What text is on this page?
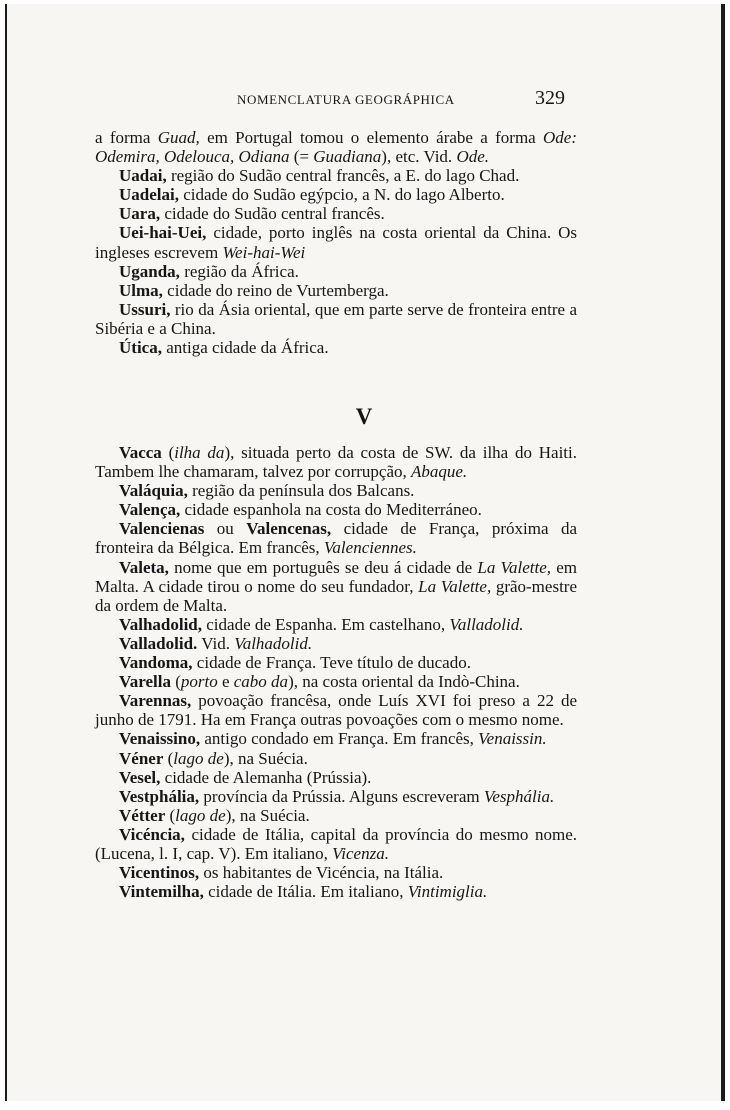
NOMENCLATURA GEOGRÁPHICA	329

a forma Guad, em Portugal tomou o elemento árabe a forma Ode: Odemira, Odelouca, Odiana (= Guadiana), etc. Vid. Ode.

Uadai, região do Sudão central francês, a E. do lago Chad.

Uadelai, cidade do Sudão egýpcio, a N. do lago Alberto.

Uara, cidade do Sudão central francês.

Uei-hai-Uei, cidade, porto inglês na costa oriental da China. Os ingleses escrevem Wei-hai-Wei

Uganda, região da África.

Ulma, cidade do reino de Vurtemberga.

Ussuri, rio da Ásia oriental, que em parte serve de fronteira entre a Sibéria e a China.

Útica, antiga cidade da África.

V

Vacca (ilha da), situada perto da costa de SW. da ilha do Haiti. Tambem lhe chamaram, talvez por corrupção, Abaque.

Valáquia, região da península dos Balcans.

Valença, cidade espanhola na costa do Mediterráneo.

Valencienas ou Valencenas, cidade de França, próxima da fronteira da Bélgica. Em francês, Valenciennes.

Valeta, nome que em português se deu á cidade de La Valette, em Malta. A cidade tirou o nome do seu fundador, La Valette, grão-mestre da ordem de Malta.

Valhadolid, cidade de Espanha. Em castelhano, Valladolid.

Valladolid. Vid. Valhadolid.

Vandoma, cidade de França. Teve título de ducado.

Varella (porto e cabo da), na costa oriental da Indò-China.

Varennas, povoação francêsa, onde Luís XVI foi preso a 22 de junho de 1791. Ha em França outras povoações com o mesmo nome.

Venaissino, antigo condado em França. Em francês, Venaissin.

Véner (lago de), na Suécia.

Vesel, cidade de Alemanha (Prússia).

Vestphália, província da Prússia. Alguns escreveram Vesphália.

Vétter (lago de), na Suécia.

Vicéncia, cidade de Itália, capital da província do mesmo nome. (Lucena, l. I, cap. V). Em italiano, Vicenza.

Vicentinos, os habitantes de Vicéncia, na Itália.

Vintemilha, cidade de Itália. Em italiano, Vintimiglia.
